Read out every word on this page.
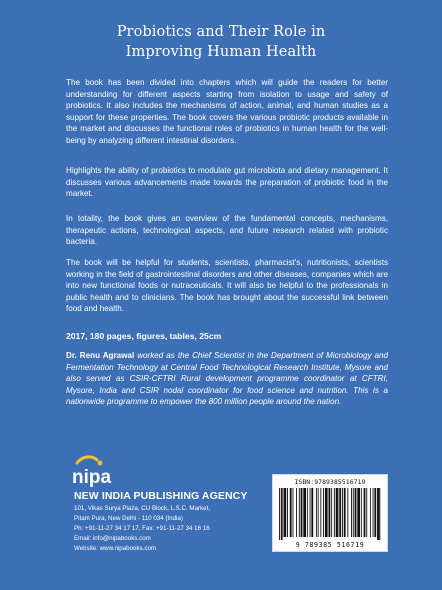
Probiotics and Their Role in
Improving Human Health

The book has been divided into chapters which will guide the readers for better understanding for different aspects starting from isolation to usage and safety of probiotics. It also includes the mechanisms of action, animal, and human studies as a support for these properties. The book covers the various probiotic products available in the market and discusses the functional roles of probiotics in human health for the well-being by analyzing different intestinal disorders.

Highlights the ability of probiotics to modulate gut microbiota and dietary management. It discusses various advancements made towards the preparation of probiotic food in the market.

In totality, the book gives an overview of the fundamental concepts, mechanisms, therapeutic actions, technological aspects, and future research related with probiotic bacteria.

The book will be helpful for students, scientists, pharmacist's, nutritionists, scientists working in the field of gastrointestinal disorders and other diseases, companies which are into new functional foods or nutraceuticals. It will also be helpful to the professionals in public health and to clinicians. The book has brought about the successful link between food and health.

2017, 180 pages, figures, tables, 25cm

Dr. Renu Agrawal worked as the Chief Scientist in the Department of Microbiology and Fermentation Technology at Central Food Technological Research Institute, Mysore and also served as CSIR-CFTRI Rural development programme coordinator at CFTRI, Mysore, India and CSIR nodal coordinator for food science and nutrition. This is a nationwide programme to empower the 800 million people around the nation.

nipa
NEW INDIA PUBLISHING AGENCY
101, Vikas Surya Plaza, CU Block, L.S.C. Market,
Pitam Pura, New Delhi - 110 034 (India)
Ph: +91-11-27 34 17 17, Fax: +91-11-27 34 16 16
Email: info@nipabooks.com
Website: www.nipabooks.com
ISBN:9789385516719
9 789385 516719
